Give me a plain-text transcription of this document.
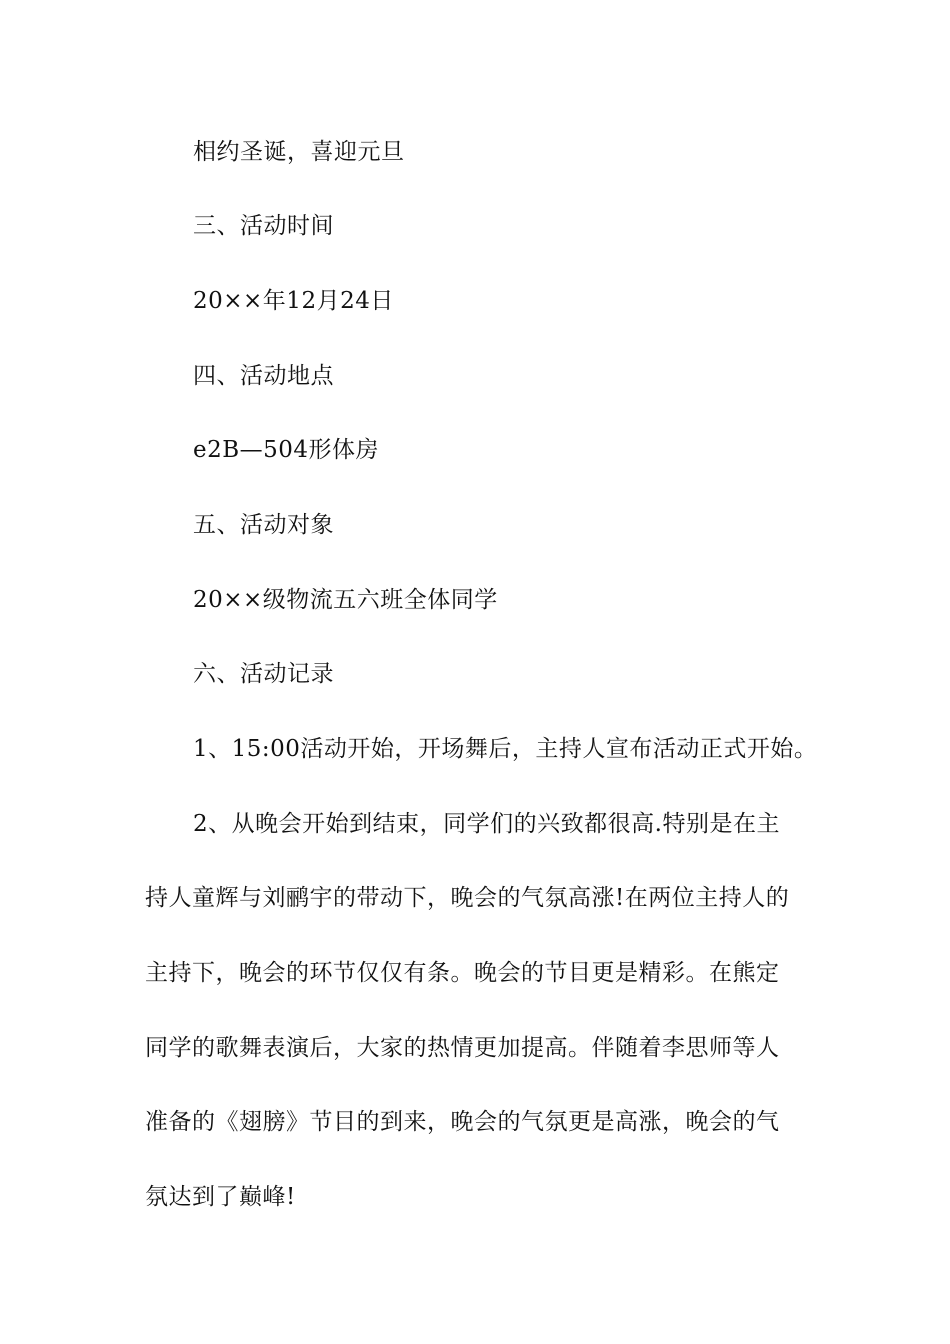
相约圣诞，喜迎元旦
三、活动时间
20××年12月24日
四、活动地点
e2B—504形体房
五、活动对象
20××级物流五六班全体同学
六、活动记录
1、15:00活动开始，开场舞后，主持人宣布活动正式开始。
2、从晚会开始到结束，同学们的兴致都很高.特别是在主
持人童辉与刘鹂宇的带动下，晚会的气氛高涨!在两位主持人的
主持下，晚会的环节仅仅有条。晚会的节目更是精彩。在熊定
同学的歌舞表演后，大家的热情更加提高。伴随着李思师等人
准备的《翅膀》节目的到来，晚会的气氛更是高涨，晚会的气
氛达到了巅峰!
